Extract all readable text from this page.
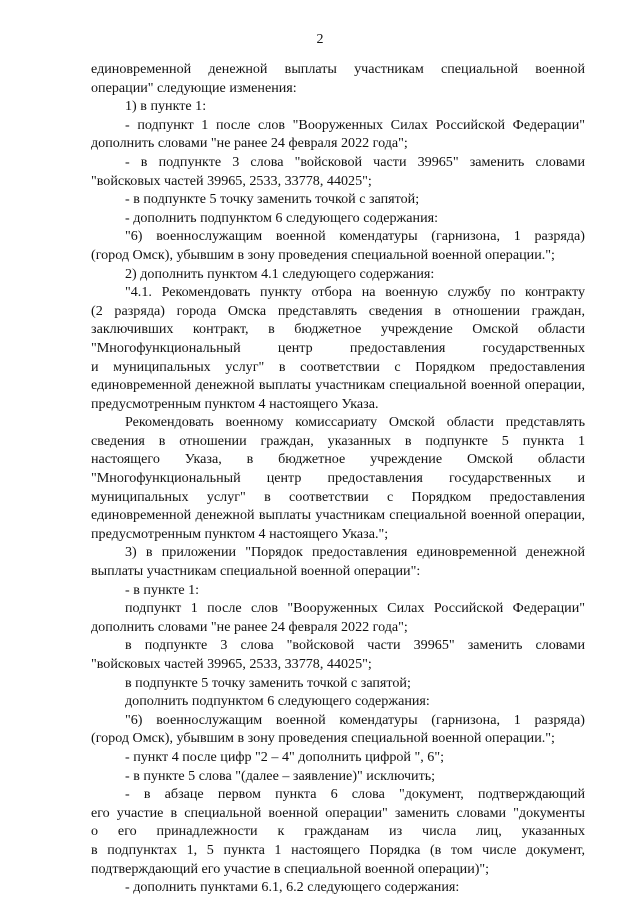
2
единовременной денежной выплаты участникам специальной военной
операции" следующие изменения:
1) в пункте 1:
- подпункт 1 после слов "Вооруженных Силах Российской Федерации"
дополнить словами "не ранее 24 февраля 2022 года";
- в подпункте 3 слова "войсковой части 39965" заменить словами
"войсковых частей 39965, 2533, 33778, 44025";
- в подпункте 5 точку заменить точкой с запятой;
- дополнить подпунктом 6 следующего содержания:
"6) военнослужащим военной комендатуры (гарнизона, 1 разряда)
(город Омск), убывшим в зону проведения специальной военной операции.";
2) дополнить пунктом 4.1 следующего содержания:
"4.1. Рекомендовать пункту отбора на военную службу по контракту
(2 разряда) города Омска представлять сведения в отношении граждан,
заключивших контракт, в бюджетное учреждение Омской области
"Многофункциональный центр предоставления государственных
и муниципальных услуг" в соответствии с Порядком предоставления
единовременной денежной выплаты участникам специальной военной операции,
предусмотренным пунктом 4 настоящего Указа.
Рекомендовать военному комиссариату Омской области представлять
сведения в отношении граждан, указанных в подпункте 5 пункта 1
настоящего Указа, в бюджетное учреждение Омской области
"Многофункциональный центр предоставления государственных и
муниципальных услуг" в соответствии с Порядком предоставления
единовременной денежной выплаты участникам специальной военной операции,
предусмотренным пунктом 4 настоящего Указа.";
3) в приложении "Порядок предоставления единовременной денежной
выплаты участникам специальной военной операции":
- в пункте 1:
подпункт 1 после слов "Вооруженных Силах Российской Федерации"
дополнить словами "не ранее 24 февраля 2022 года";
в подпункте 3 слова "войсковой части 39965" заменить словами
"войсковых частей 39965, 2533, 33778, 44025";
в подпункте 5 точку заменить точкой с запятой;
дополнить подпунктом 6 следующего содержания:
"6) военнослужащим военной комендатуры (гарнизона, 1 разряда)
(город Омск), убывшим в зону проведения специальной военной операции.";
- пункт 4 после цифр "2 – 4" дополнить цифрой ", 6";
- в пункте 5 слова "(далее – заявление)" исключить;
- в абзаце первом пункта 6 слова "документ, подтверждающий
его участие в специальной военной операции" заменить словами "документы
о его принадлежности к гражданам из числа лиц, указанных
в подпунктах 1, 5 пункта 1 настоящего Порядка (в том числе документ,
подтверждающий его участие в специальной военной операции)";
- дополнить пунктами 6.1, 6.2 следующего содержания:
